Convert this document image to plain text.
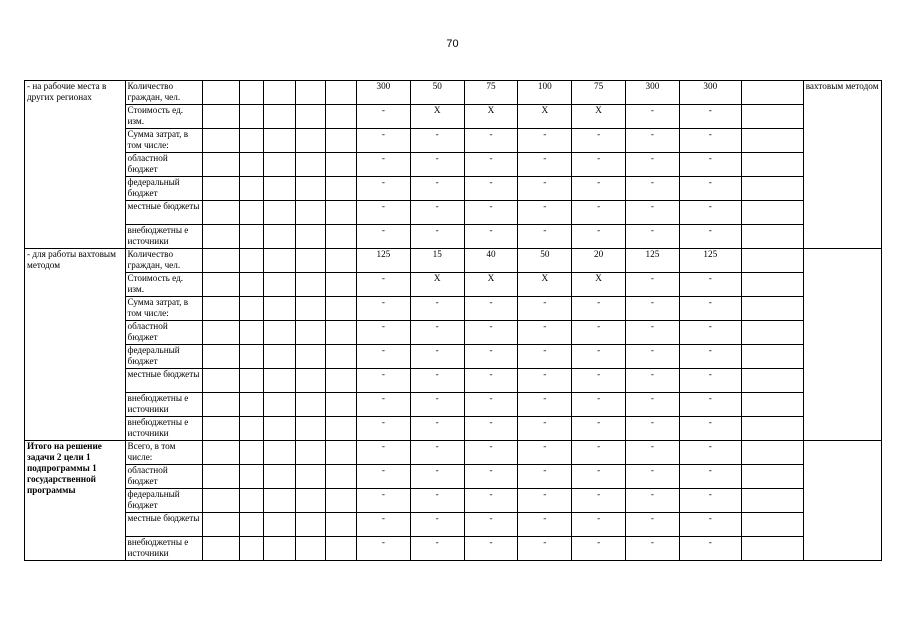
70
- на рабочие места в других регионах	Количество граждан, чел.						300	50	75	100	75	300	300		вахтовым методом
	Стоимость ед. изм.						-	Х	Х	Х	Х	-	-		
	Сумма затрат, в том числе:						-	-	-	-	-	-	-		
	областной бюджет						-	-	-	-	-	-	-		
	федеральный бюджет						-	-	-	-	-	-	-		
	местные бюджеты						-	-	-	-	-	-	-		
	внебюджетны е источники						-	-	-	-	-	-	-		
- для работы вахтовым методом	Количество граждан, чел.						125	15	40	50	20	125	125		
	Стоимость ед. изм.						-	Х	Х	Х	Х	-	-		
	Сумма затрат, в том числе:						-	-	-	-	-	-	-		
	областной бюджет						-	-	-	-	-	-	-		
	федеральный бюджет						-	-	-	-	-	-	-		
	местные бюджеты						-	-	-	-	-	-	-		
	внебюджетны е источники						-	-	-	-	-	-	-		
	внебюджетны е источники						-	-	-	-	-	-	-		
Итого на решение задачи 2 цели 1 подпрограммы 1 государственной программы	Всего, в том числе:						-	-	-	-	-	-	-		
	областной бюджет						-	-	-	-	-	-	-		
	федеральный бюджет						-	-	-	-	-	-	-		
	местные бюджеты						-	-	-	-	-	-	-		
	внебюджетны е источники						-	-	-	-	-	-	-		
